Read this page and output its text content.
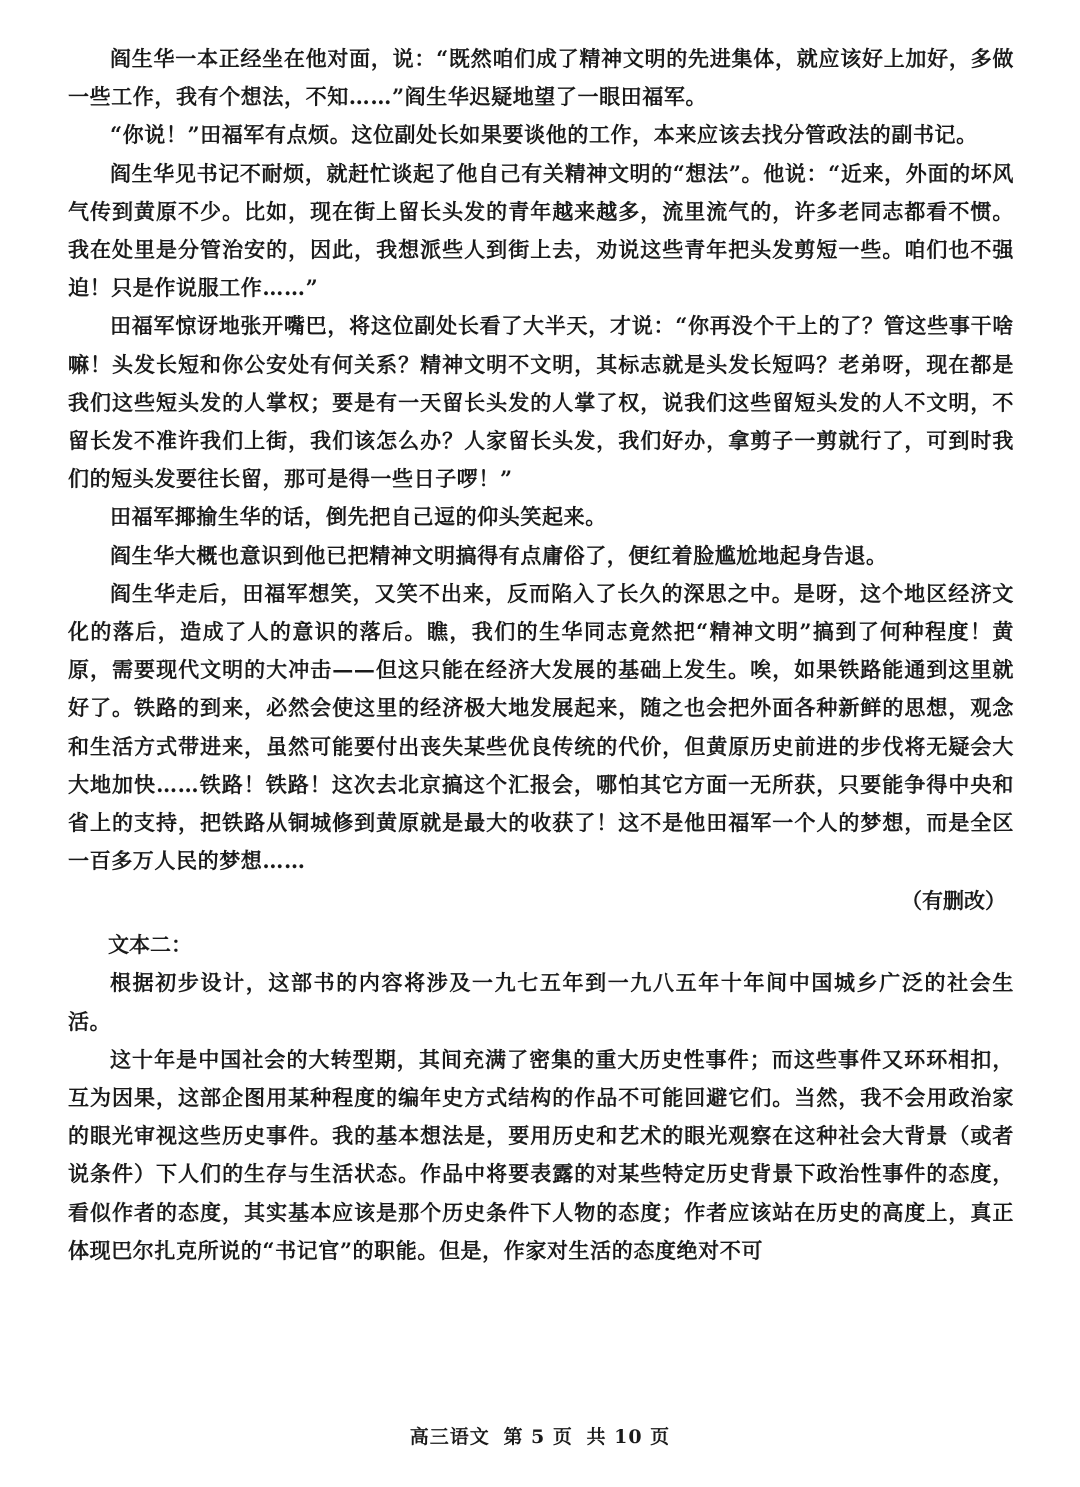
阎生华一本正经坐在他对面，说：“既然咱们成了精神文明的先进集体，就应该好上加好，多做一些工作，我有个想法，不知……”阎生华迟疑地望了一眼田福军。

“你说！”田福军有点烦。这位副处长如果要谈他的工作，本来应该去找分管政法的副书记。

阎生华见书记不耐烦，就赶忙谈起了他自己有关精神文明的“想法”。他说：“近来，外面的坏风气传到黄原不少。比如，现在街上留长头发的青年越来越多，流里流气的，许多老同志都看不惯。我在处里是分管治安的，因此，我想派些人到街上去，劝说这些青年把头发剪短一些。咱们也不强迫！只是作说服工作……”

田福军惊讶地张开嘴巴，将这位副处长看了大半天，才说：“你再没个干上的了？管这些事干啥嘛！头发长短和你公安处有何关系？精神文明不文明，其标志就是头发长短吗？老弟呀，现在都是我们这些短头发的人掌权；要是有一天留长头发的人掌了权，说我们这些留短头发的人不文明，不留长发不准许我们上街，我们该怎么办？人家留长头发，我们好办，拿剪子一剪就行了，可到时我们的短头发要往长留，那可是得一些日子啰！”

田福军揶揄生华的话，倒先把自己逗的仰头笑起来。

阎生华大概也意识到他已把精神文明搞得有点庸俗了，便红着脸尴尬地起身告退。

阎生华走后，田福军想笑，又笑不出来，反而陷入了长久的深思之中。是呀，这个地区经济文化的落后，造成了人的意识的落后。瞧，我们的生华同志竟然把“精神文明”搞到了何种程度！黄原，需要现代文明的大冲击——但这只能在经济大发展的基础上发生。唉，如果铁路能通到这里就好了。铁路的到来，必然会使这里的经济极大地发展起来，随之也会把外面各种新鲜的思想，观念和生活方式带进来，虽然可能要付出丧失某些优良传统的代价，但黄原历史前进的步伐将无疑会大大地加快……铁路！铁路！这次去北京搞这个汇报会，哪怕其它方面一无所获，只要能争得中央和省上的支持，把铁路从铜城修到黄原就是最大的收获了！这不是他田福军一个人的梦想，而是全区一百多万人民的梦想……

（有删改）

文本二：

根据初步设计，这部书的内容将涉及一九七五年到一九八五年十年间中国城乡广泛的社会生活。

这十年是中国社会的大转型期，其间充满了密集的重大历史性事件；而这些事件又环环相扣，互为因果，这部企图用某种程度的编年史方式结构的作品不可能回避它们。当然，我不会用政治家的眼光审视这些历史事件。我的基本想法是，要用历史和艺术的眼光观察在这种社会大背景（或者说条件）下人们的生存与生活状态。作品中将要表露的对某些特定历史背景下政治性事件的态度，看似作者的态度，其实基本应该是那个历史条件下人物的态度；作者应该站在历史的高度上，真正体现巴尔扎克所说的“书记官”的职能。但是，作家对生活的态度绝对不可

高三语文 第 5 页 共 10 页
